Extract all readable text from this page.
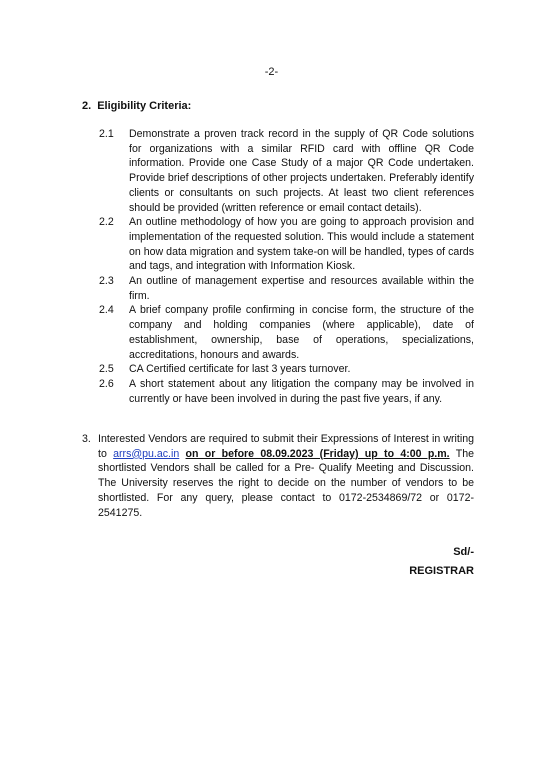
-2-
2. Eligibility Criteria:
2.1	Demonstrate a proven track record in the supply of QR Code solutions for organizations with a similar RFID card with offline QR Code information. Provide one Case Study of a major QR Code undertaken. Provide brief descriptions of other projects undertaken. Preferably identify clients or consultants on such projects. At least two client references should be provided (written reference or email contact details).
2.2	An outline methodology of how you are going to approach provision and implementation of the requested solution. This would include a statement on how data migration and system take-on will be handled, types of cards and tags, and integration with Information Kiosk.
2.3	An outline of management expertise and resources available within the firm.
2.4	A brief company profile confirming in concise form, the structure of the company and holding companies (where applicable), date of establishment, ownership, base of operations, specializations, accreditations, honours and awards.
2.5	CA Certified certificate for last 3 years turnover.
2.6	A short statement about any litigation the company may be involved in currently or have been involved in during the past five years, if any.
3. Interested Vendors are required to submit their Expressions of Interest in writing to arrs@pu.ac.in on or before 08.09.2023 (Friday) up to 4:00 p.m. The shortlisted Vendors shall be called for a Pre- Qualify Meeting and Discussion. The University reserves the right to decide on the number of vendors to be shortlisted. For any query, please contact to 0172-2534869/72 or 0172-2541275.
Sd/-
REGISTRAR
